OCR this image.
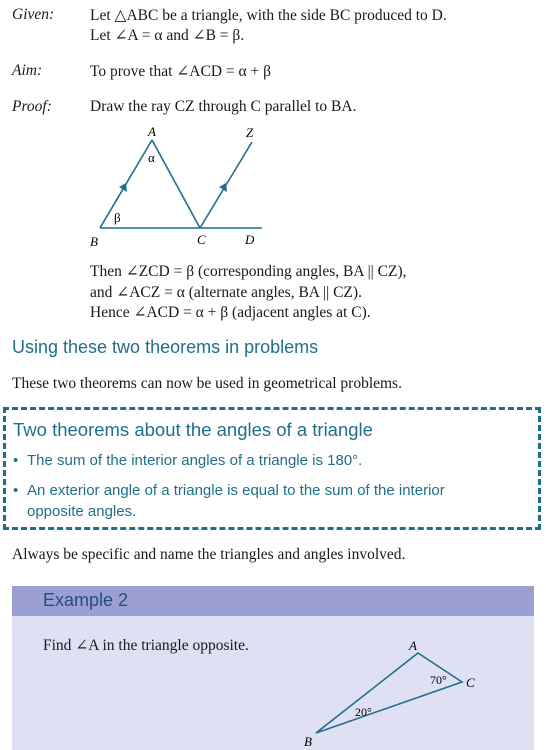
Given: Let △ABC be a triangle, with the side BC produced to D.
Let ∠A = α and ∠B = β.
Aim:	To prove that ∠ACD = α + β
Proof: Draw the ray CZ through C parallel to BA.
A	Z
B	C	D
α
β
Then ∠ZCD = β (corresponding angles, BA || CZ),
and ∠ACZ = α (alternate angles, BA || CZ).
Hence ∠ACD = α + β (adjacent angles at C).
Using these two theorems in problems
These two theorems can now be used in geometrical problems.
Two theorems about the angles of a triangle
• The sum of the interior angles of a triangle is 180°.
• An exterior angle of a triangle is equal to the sum of the interior
opposite angles.
Always be specific and name the triangles and angles involved.
Example 2
Find ∠A in the triangle opposite.	A
C
B
70°
20°
